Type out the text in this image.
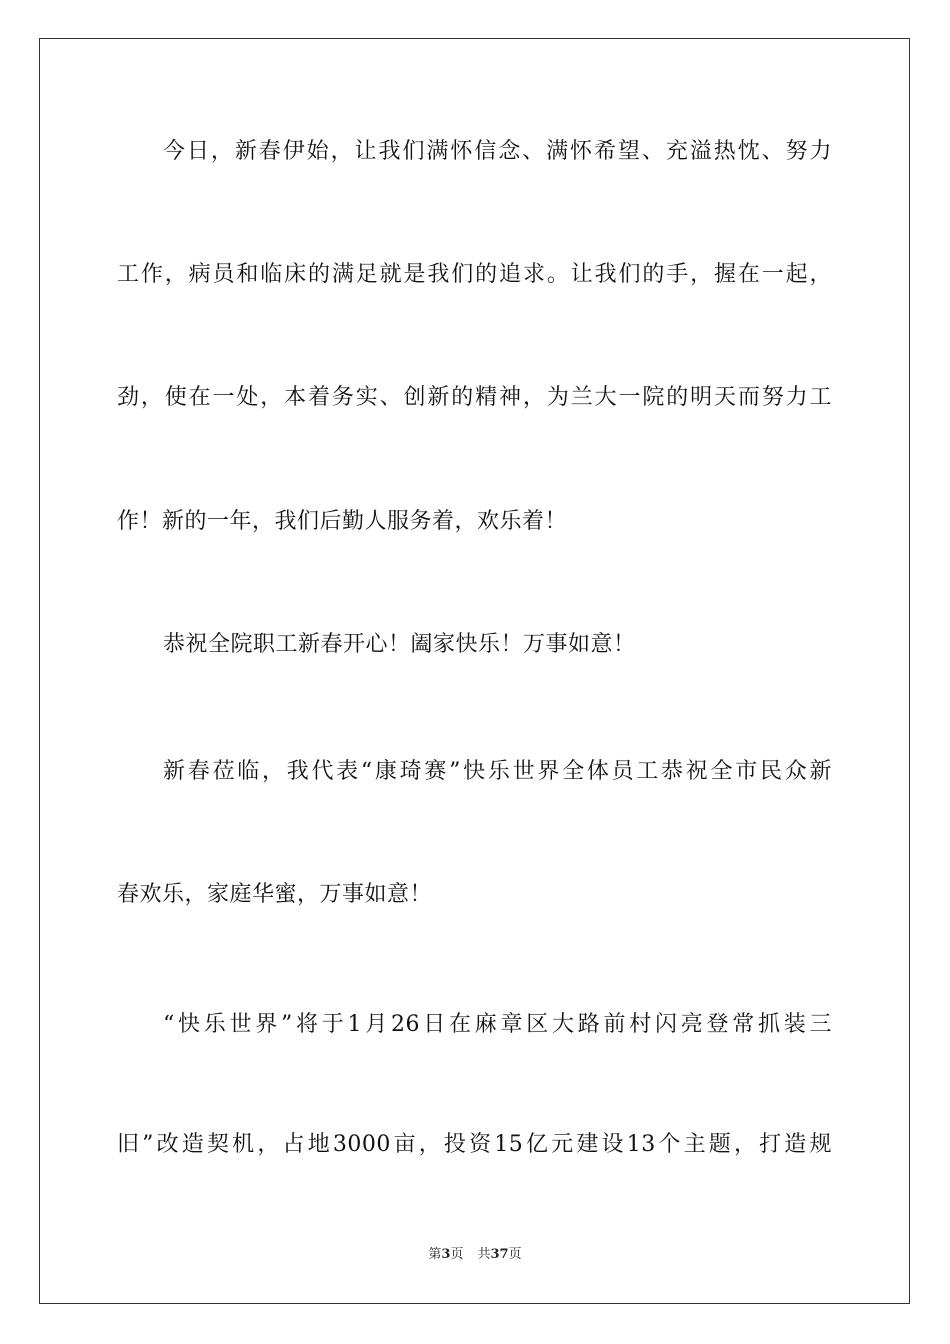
今日，新春伊始，让我们满怀信念、满怀希望、充溢热忱、努力
工作，病员和临床的满足就是我们的追求。让我们的手，握在一起，
劲，使在一处，本着务实、创新的精神，为兰大一院的明天而努力工
作！新的一年，我们后勤人服务着，欢乐着！
恭祝全院职工新春开心！阖家快乐！万事如意！
新春莅临，我代表“康琦赛”快乐世界全体员工恭祝全市民众新
春欢乐，家庭华蜜，万事如意！
“快乐世界”将于1月26日在麻章区大路前村闪亮登常抓装三
旧”改造契机，占地3000亩，投资15亿元建设13个主题，打造规
第3页 共37页
